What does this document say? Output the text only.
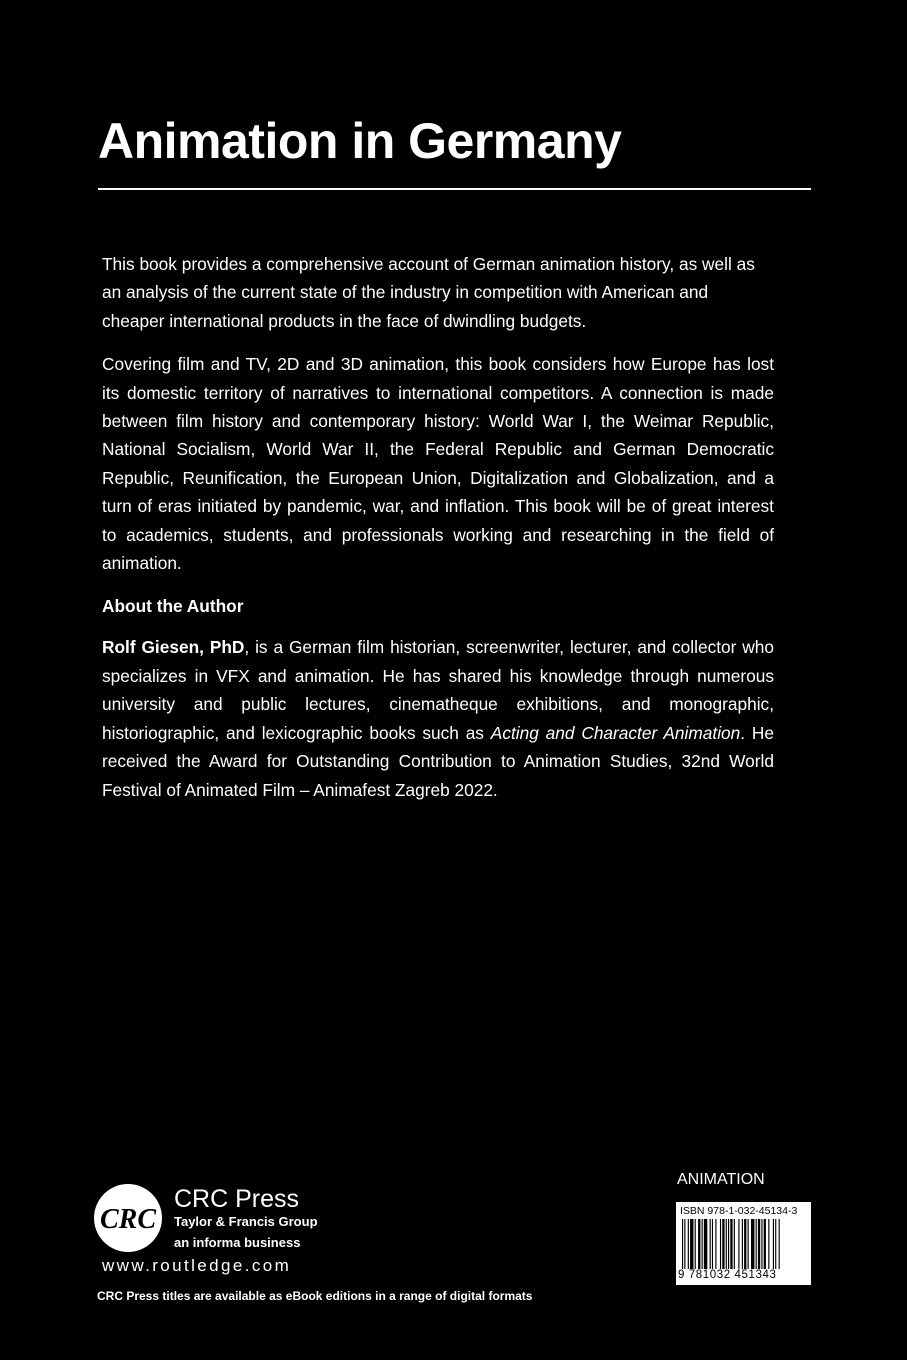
Animation in Germany

This book provides a comprehensive account of German animation history, as well as an analysis of the current state of the industry in competition with American and cheaper international products in the face of dwindling budgets.

Covering film and TV, 2D and 3D animation, this book considers how Europe has lost its domestic territory of narratives to international competitors. A connection is made between film history and contemporary history: World War I, the Weimar Republic, National Socialism, World War II, the Federal Republic and German Democratic Republic, Reunification, the European Union, Digitalization and Globalization, and a turn of eras initiated by pandemic, war, and inflation. This book will be of great interest to academics, students, and professionals working and researching in the field of animation.

About the Author

Rolf Giesen, PhD, is a German film historian, screenwriter, lecturer, and collector who specializes in VFX and animation. He has shared his knowledge through numerous university and public lectures, cinematheque exhibitions, and monographic, historiographic, and lexicographic books such as Acting and Character Animation. He received the Award for Outstanding Contribution to Animation Studies, 32nd World Festival of Animated Film – Animafest Zagreb 2022.

CRC
CRC Press
Taylor & Francis Group
an informa business
www.routledge.com
CRC Press titles are available as eBook editions in a range of digital formats
ANIMATION
ISBN 978-1-032-45134-3
9 781032 451343
